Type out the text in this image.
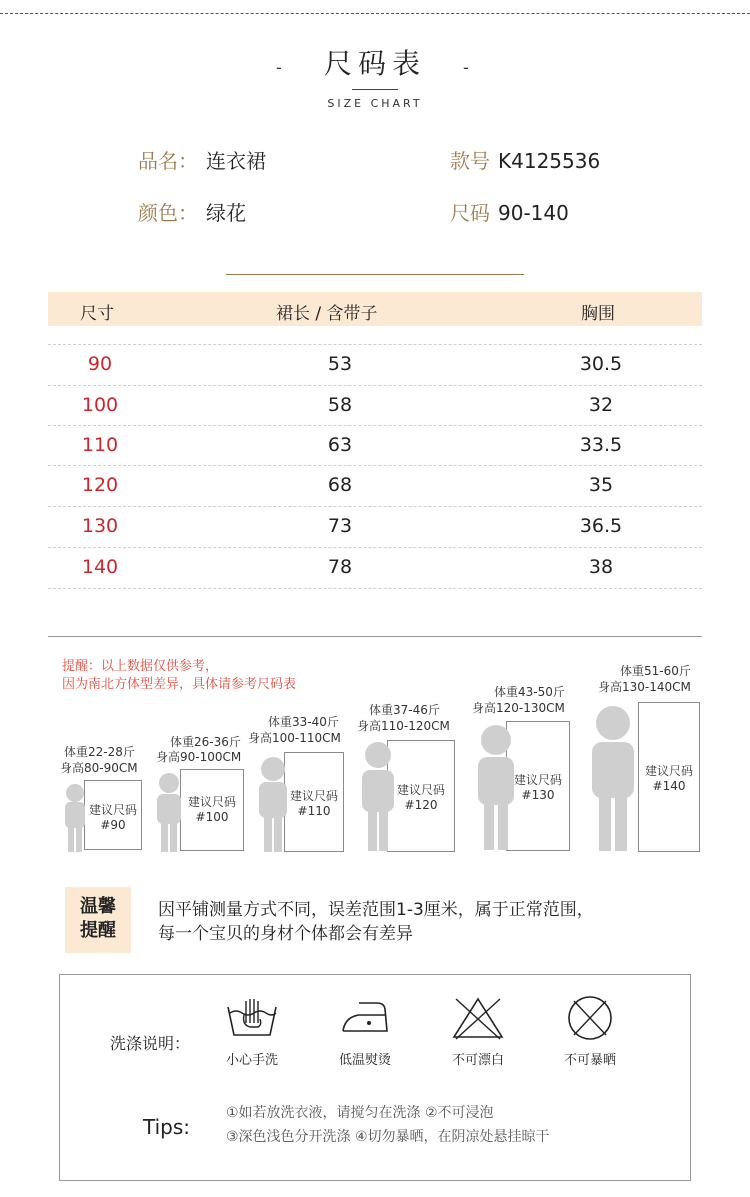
-	尺码表	-
SIZE CHART
品名： 连衣裙	款号 K4125536
颜色： 绿花	尺码 90-140
尺寸	裙长 / 含带子	胸围
90	53	30.5
100	58	32
110	63	33.5
120	68	35
130	73	36.5
140	78	38
提醒：以上数据仅供参考，
因为南北方体型差异，具体请参考尺码表
体重22-28斤
身高80-90CM
建议尺码
#90
体重26-36斤
身高90-100CM
建议尺码
#100
体重33-40斤
身高100-110CM
建议尺码
#110
体重37-46斤
身高110-120CM
建议尺码
#120
体重43-50斤
身高120-130CM
建议尺码
#130
体重51-60斤
身高130-140CM
建议尺码
#140
温馨
提醒
因平铺测量方式不同，误差范围1-3厘米，属于正常范围，
每一个宝贝的身材个体都会有差异
洗涤说明：
小心手洗	低温熨烫	不可漂白	不可暴晒
Tips:
①如若放洗衣液，请搅匀在洗涤 ②不可浸泡
③深色浅色分开洗涤 ④切勿暴晒，在阴凉处悬挂晾干
